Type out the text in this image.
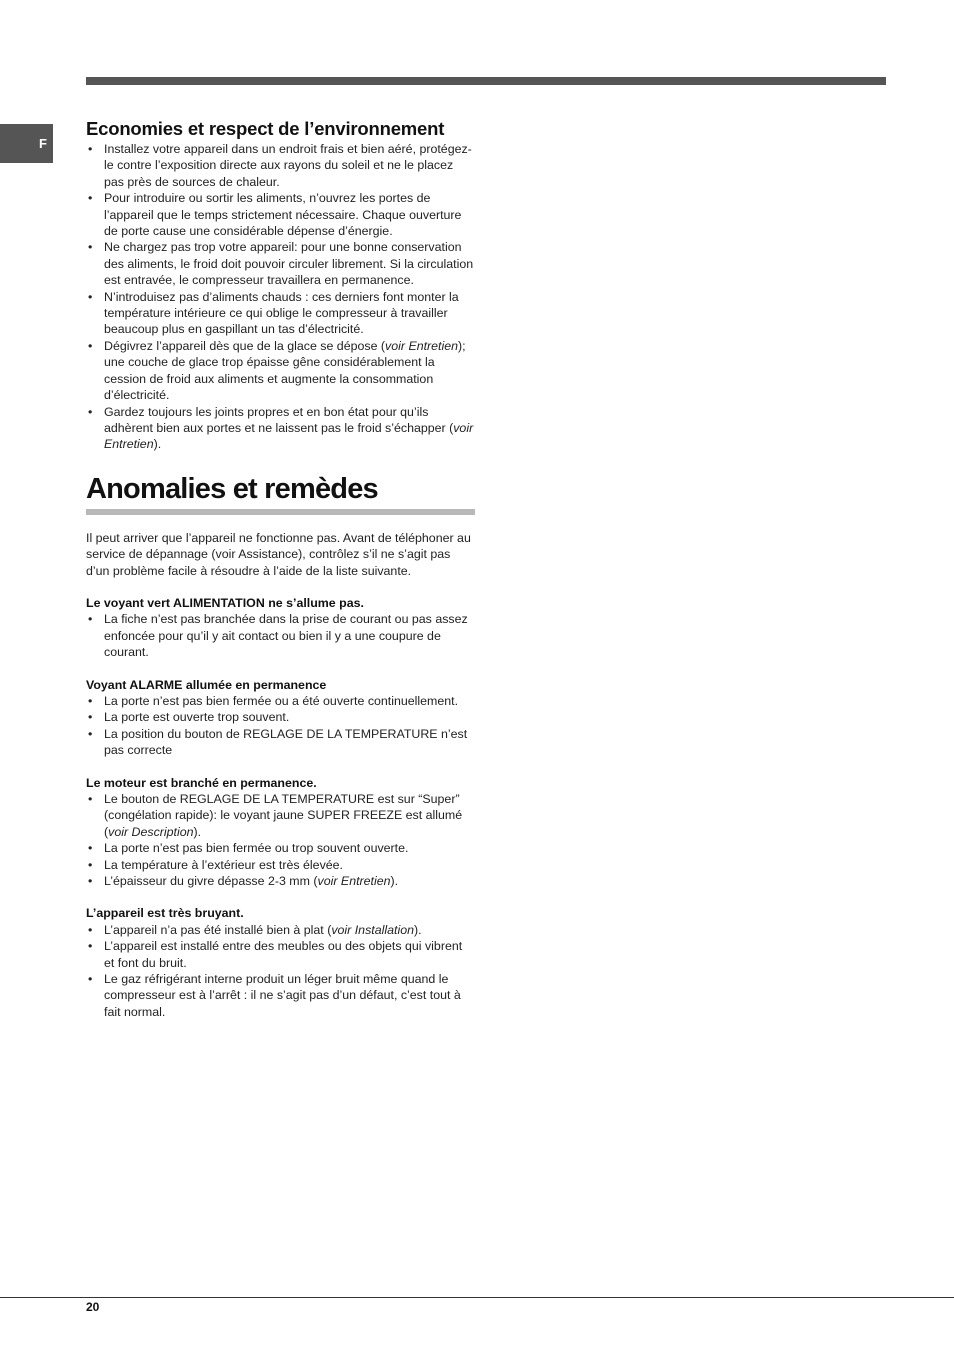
F
Economies et respect de l’environnement
• Installez votre appareil dans un endroit frais et bien aéré, protégez-le contre l’exposition directe aux rayons du soleil et ne le placez pas près de sources de chaleur.
• Pour introduire ou sortir les aliments, n’ouvrez les portes de l’appareil que le temps strictement nécessaire. Chaque ouverture de porte cause une considérable dépense d’énergie.
• Ne chargez pas trop votre appareil: pour une bonne conservation des aliments, le froid doit pouvoir circuler librement. Si la circulation est entravée, le compresseur travaillera en permanence.
• N’introduisez pas d’aliments chauds : ces derniers font monter la température intérieure ce qui oblige le compresseur à travailler beaucoup plus en gaspillant un tas d’électricité.
• Dégivrez l’appareil dès que de la glace se dépose (voir Entretien); une couche de glace trop épaisse gêne considérablement la cession de froid aux aliments et augmente la consommation d’électricité.
• Gardez toujours les joints propres et en bon état pour qu’ils adhèrent bien aux portes et ne laissent pas le froid s’échapper (voir Entretien).
Anomalies et remèdes

Il peut arriver que l’appareil ne fonctionne pas. Avant de téléphoner au service de dépannage (voir Assistance), contrôlez s’il ne s’agit pas d’un problème facile à résoudre à l’aide de la liste suivante.

Le voyant vert ALIMENTATION ne s’allume pas.
• La fiche n’est pas branchée dans la prise de courant ou pas assez enfoncée pour qu’il y ait contact ou bien il y a une coupure de courant.
Voyant ALARME allumée en permanence
• La porte n’est pas bien fermée ou a été ouverte continuellement.
• La porte est ouverte trop souvent.
• La position du bouton de REGLAGE DE LA TEMPERATURE n’est pas correcte
Le moteur est branché en permanence.
• Le bouton de REGLAGE DE LA TEMPERATURE est sur “Super” (congélation rapide): le voyant jaune SUPER FREEZE est allumé (voir Description).
• La porte n’est pas bien fermée ou trop souvent ouverte.
• La température à l’extérieur est très élevée.
• L’épaisseur du givre dépasse 2-3 mm (voir Entretien).
L’appareil est très bruyant.
• L’appareil n’a pas été installé bien à plat (voir Installation).
• L’appareil est installé entre des meubles ou des objets qui vibrent et font du bruit.
• Le gaz réfrigérant interne produit un léger bruit même quand le compresseur est à l’arrêt : il ne s’agit pas d’un défaut, c’est tout à fait normal.
20
